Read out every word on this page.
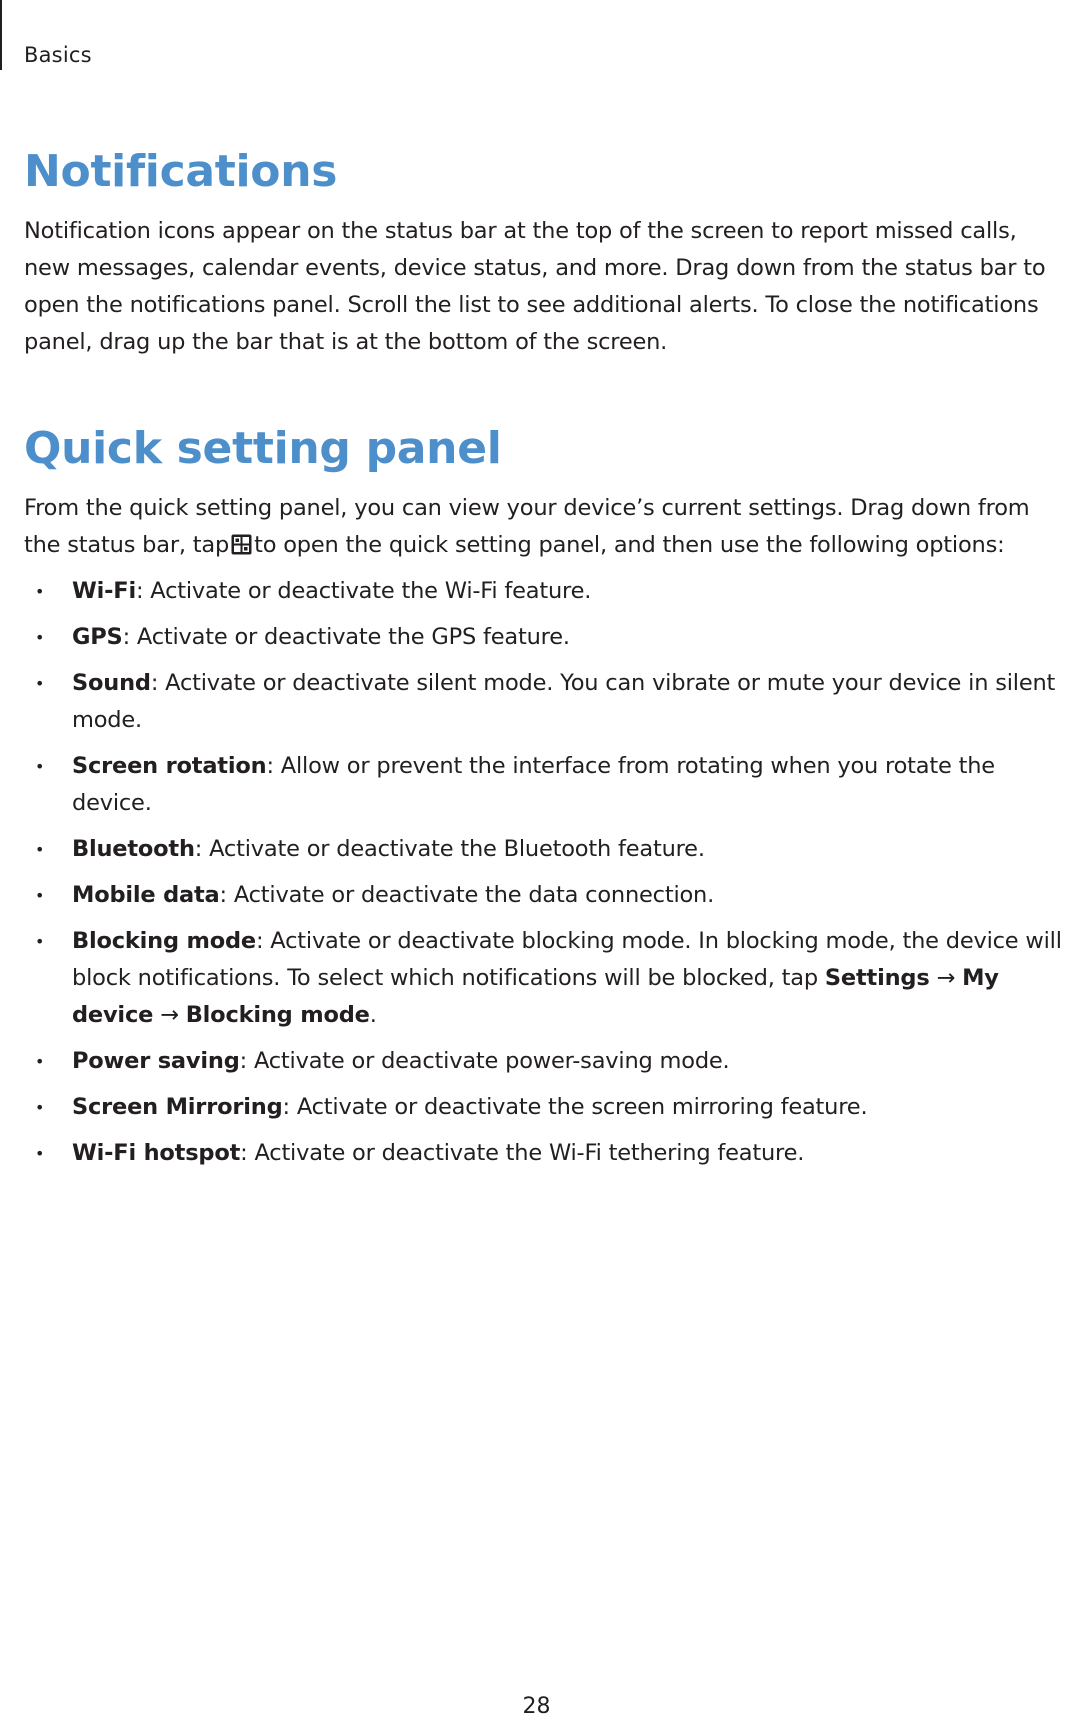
Basics
Notifications

Notification icons appear on the status bar at the top of the screen to report missed calls, new messages, calendar events, device status, and more. Drag down from the status bar to open the notifications panel. Scroll the list to see additional alerts. To close the notifications panel, drag up the bar that is at the bottom of the screen.

Quick setting panel

From the quick setting panel, you can view your device’s current settings. Drag down from the status bar, tap to open the quick setting panel, and then use the following options:

• Wi-Fi: Activate or deactivate the Wi-Fi feature.
• GPS: Activate or deactivate the GPS feature.
• Sound: Activate or deactivate silent mode. You can vibrate or mute your device in silent mode.
• Screen rotation: Allow or prevent the interface from rotating when you rotate the device.
• Bluetooth: Activate or deactivate the Bluetooth feature.
• Mobile data: Activate or deactivate the data connection.
• Blocking mode: Activate or deactivate blocking mode. In blocking mode, the device will block notifications. To select which notifications will be blocked, tap Settings → My device → Blocking mode.
• Power saving: Activate or deactivate power-saving mode.
• Screen Mirroring: Activate or deactivate the screen mirroring feature.
• Wi-Fi hotspot: Activate or deactivate the Wi-Fi tethering feature.
28
